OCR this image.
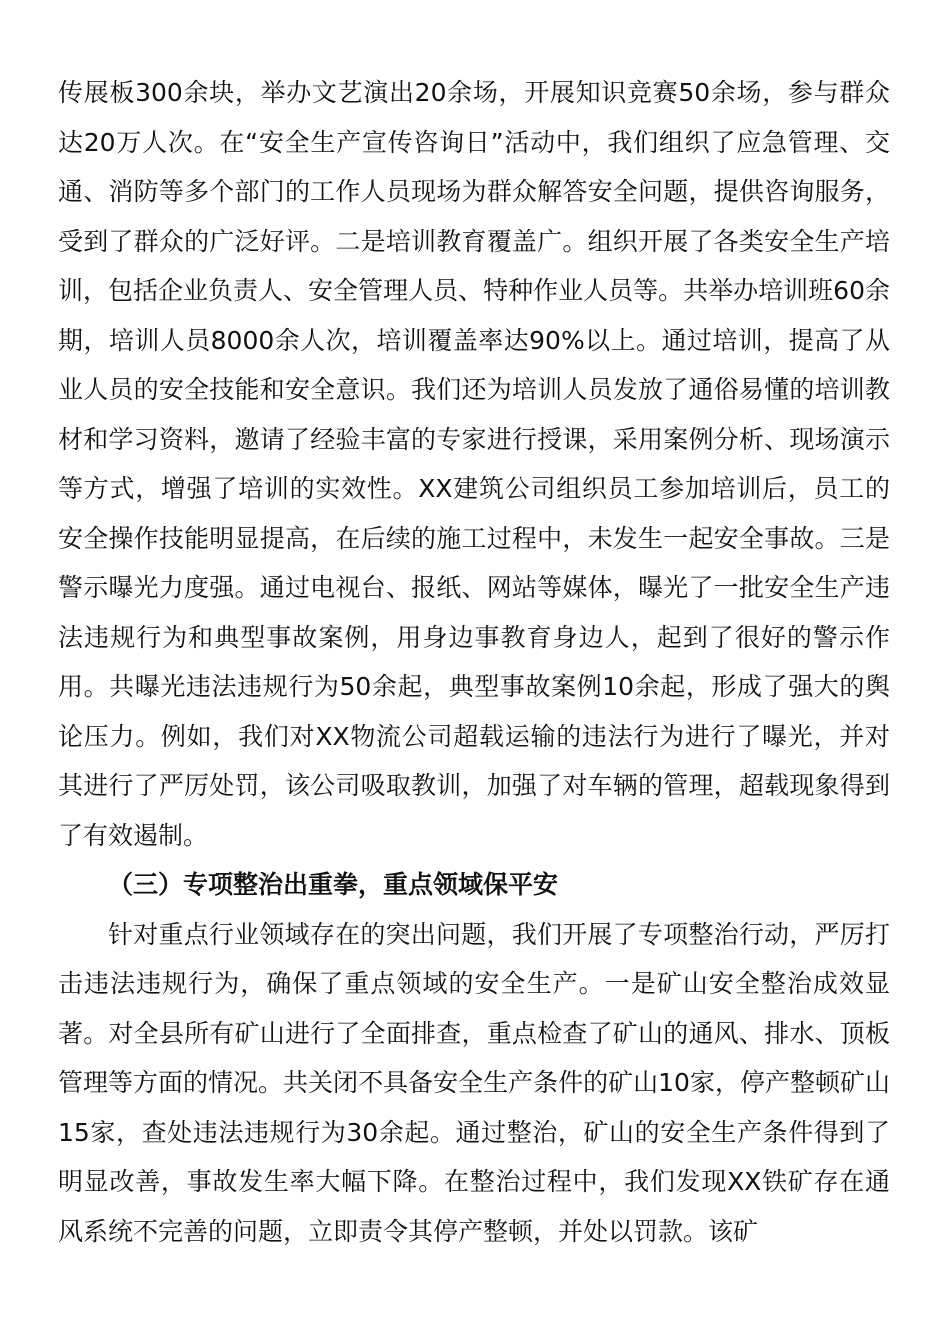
传展板300余块，举办文艺演出20余场，开展知识竞赛50余场，参与群众达20万人次。在“安全生产宣传咨询日”活动中，我们组织了应急管理、交通、消防等多个部门的工作人员现场为群众解答安全问题，提供咨询服务，受到了群众的广泛好评。二是培训教育覆盖广。组织开展了各类安全生产培训，包括企业负责人、安全管理人员、特种作业人员等。共举办培训班60余期，培训人员8000余人次，培训覆盖率达90%以上。通过培训，提高了从业人员的安全技能和安全意识。我们还为培训人员发放了通俗易懂的培训教材和学习资料，邀请了经验丰富的专家进行授课，采用案例分析、现场演示等方式，增强了培训的实效性。XX建筑公司组织员工参加培训后，员工的安全操作技能明显提高，在后续的施工过程中，未发生一起安全事故。三是警示曝光力度强。通过电视台、报纸、网站等媒体，曝光了一批安全生产违法违规行为和典型事故案例，用身边事教育身边人，起到了很好的警示作用。共曝光违法违规行为50余起，典型事故案例10余起，形成了强大的舆论压力。例如，我们对XX物流公司超载运输的违法行为进行了曝光，并对其进行了严厉处罚，该公司吸取教训，加强了对车辆的管理，超载现象得到了有效遏制。

（三）专项整治出重拳，重点领域保平安

针对重点行业领域存在的突出问题，我们开展了专项整治行动，严厉打击违法违规行为，确保了重点领域的安全生产。一是矿山安全整治成效显著。对全县所有矿山进行了全面排查，重点检查了矿山的通风、排水、顶板管理等方面的情况。共关闭不具备安全生产条件的矿山10家，停产整顿矿山15家，查处违法违规行为30余起。通过整治，矿山的安全生产条件得到了明显改善，事故发生率大幅下降。在整治过程中，我们发现XX铁矿存在通风系统不完善的问题，立即责令其停产整顿，并处以罚款。该矿
